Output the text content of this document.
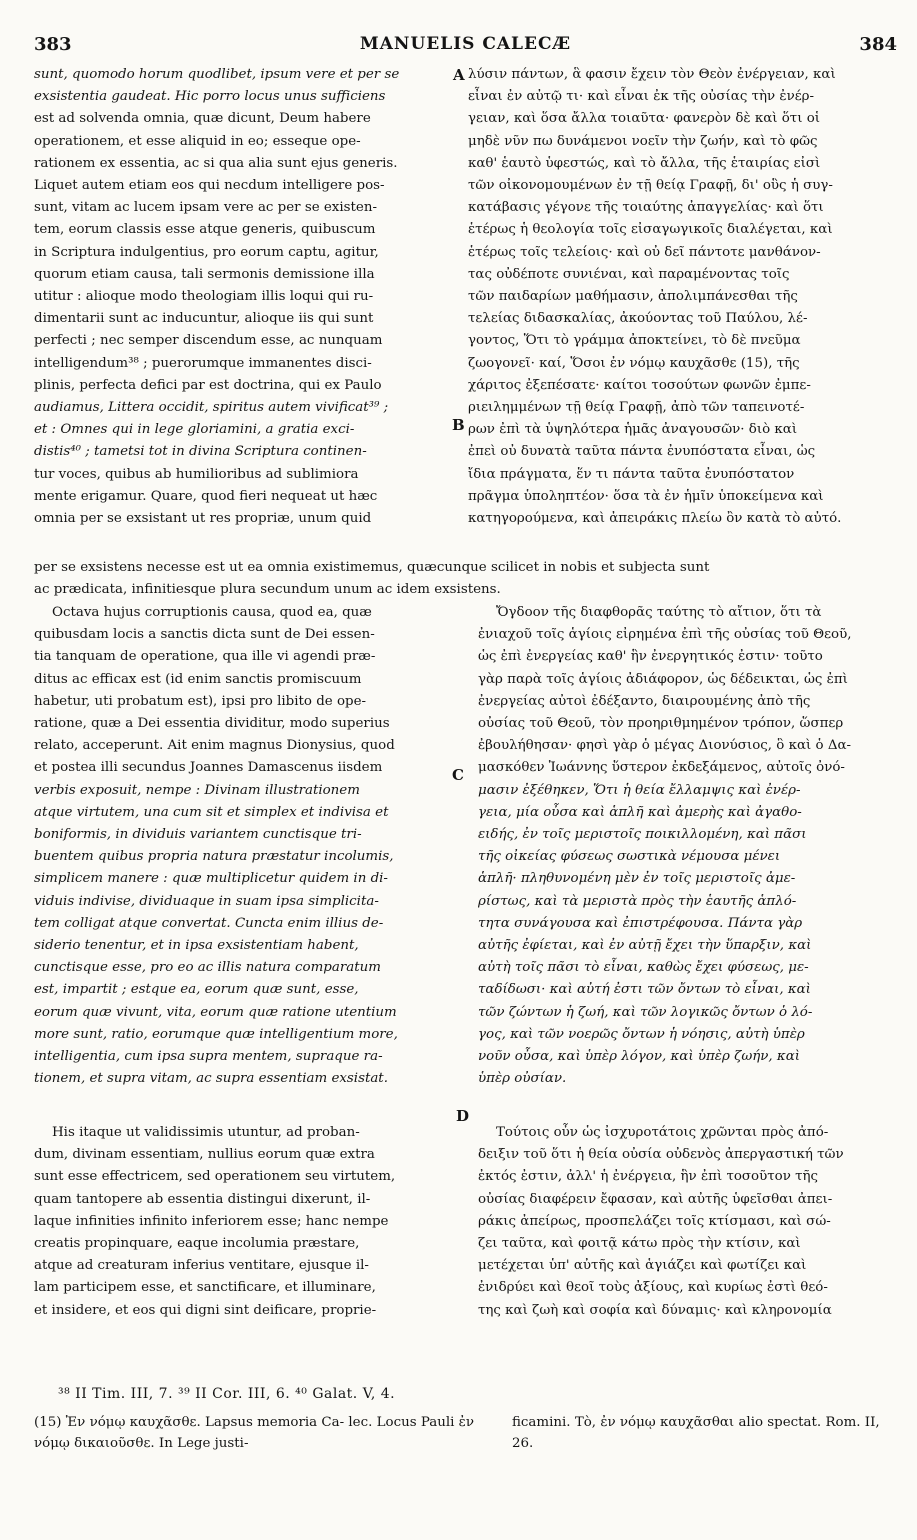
383	MANUELIS CALECÆ	384
sunt, quomodo horum quodlibet, ipsum vere et per se
exsistentia gaudeat. Hic porro locus unus sufficiens
est ad solvenda omnia, quæ dicunt, Deum habere
operationem, et esse aliquid in eo; esseque ope-
rationem ex essentia, ac si qua alia sunt ejus generis.
Liquet autem etiam eos qui necdum intelligere pos-
sunt, vitam ac lucem ipsam vere ac per se existen-
tem, eorum classis esse atque generis, quibuscum
in Scriptura indulgentius, pro eorum captu, agitur,
quorum etiam causa, tali sermonis demissione illa
utitur : alioque modo theologiam illis loqui qui ru-
dimentarii sunt ac inducuntur, alioque iis qui sunt
perfecti ; nec semper discendum esse, ac nunquam
intelligendum³⁸ ; puerorumque immanentes disci-
plinis, perfecta defici par est doctrina, qui ex Paulo
audiamus, Littera occidit, spiritus autem vivificat³⁹ ;
et : Omnes qui in lege gloriamini, a gratia exci-
distis⁴⁰ ; tametsi tot in divina Scriptura continen-
tur voces, quibus ab humilioribus ad sublimiora
mente erigamur. Quare, quod fieri nequeat ut hæc
omnia per se exsistant ut res propriæ, unum quid
λύσιν πάντων, ἃ φασιν ἔχειν τὸν Θεὸν ἐνέργειαν, καὶ
εἶναι ἐν αὐτῷ τι· καὶ εἶναι ἐκ τῆς οὐσίας τὴν ἐνέρ-
γειαν, καὶ ὅσα ἄλλα τοιαῦτα· φανερὸν δὲ καὶ ὅτι οἱ
μηδὲ νῦν πω δυνάμενοι νοεῖν τὴν ζωήν, καὶ τὸ φῶς
καθ' ἑαυτὸ ὑφεστώς, καὶ τὸ ἄλλα, τῆς ἑταιρίας εἰσὶ
τῶν οἰκονομουμένων ἐν τῇ θείᾳ Γραφῇ, δι' οὓς ἡ συγ-
κατάβασις γέγονε τῆς τοιαύτης ἀπαγγελίας· καὶ ὅτι
ἑτέρως ἡ θεολογία τοῖς εἰσαγωγικοῖς διαλέγεται, καὶ
ἑτέρως τοῖς τελείοις· καὶ οὐ δεῖ πάντοτε μανθάνον-
τας οὐδέποτε συνιέναι, καὶ παραμένοντας τοῖς
τῶν παιδαρίων μαθήμασιν, ἀπολιμπάνεσθαι τῆς
τελείας διδασκαλίας, ἀκούοντας τοῦ Παύλου, λέ-
γοντος, Ὅτι τὸ γράμμα ἀποκτείνει, τὸ δὲ πνεῦμα
ζωογονεῖ· καί, Ὅσοι ἐν νόμῳ καυχᾶσθε (15), τῆς
χάριτος ἐξεπέσατε· καίτοι τοσούτων φωνῶν ἐμπε-
ριειλημμένων τῇ θείᾳ Γραφῇ, ἀπὸ τῶν ταπεινοτέ-
ρων ἐπὶ τὰ ὑψηλότερα ἡμᾶς ἀναγουσῶν· διὸ καὶ
ἐπεὶ οὐ δυνατὰ ταῦτα πάντα ἐνυπόστατα εἶναι, ὡς
ἴδια πράγματα, ἕν τι πάντα ταῦτα ἐνυπόστατον
πρᾶγμα ὑποληπτέον· ὅσα τὰ ἐν ἡμῖν ὑποκείμενα καὶ
κατηγορούμενα, καὶ ἀπειράκις πλείω ὂν κατὰ τὸ αὐτό.
A
B
C
D
per se exsistens necesse est ut ea omnia existimemus, quæcunque scilicet in nobis et subjecta sunt
ac prædicata, infinitiesque plura secundum unum ac idem exsistens.
Octava hujus corruptionis causa, quod ea, quæ
quibusdam locis a sanctis dicta sunt de Dei essen-
tia tanquam de operatione, qua ille vi agendi præ-
ditus ac efficax est (id enim sanctis promiscuum
habetur, uti probatum est), ipsi pro libito de ope-
ratione, quæ a Dei essentia dividitur, modo superius
relato, acceperunt. Ait enim magnus Dionysius, quod
et postea illi secundus Joannes Damascenus iisdem
verbis exposuit, nempe : Divinam illustrationem
atque virtutem, una cum sit et simplex et indivisa et
boniformis, in dividuis variantem cunctisque tri-
buentem quibus propria natura præstatur incolumis,
simplicem manere : quæ multiplicetur quidem in di-
viduis indivise, dividuaque in suam ipsa simplicita-
tem colligat atque convertat. Cuncta enim illius de-
siderio tenentur, et in ipsa exsistentiam habent,
cunctisque esse, pro eo ac illis natura comparatum
est, impartit ; estque ea, eorum quæ sunt, esse,
eorum quæ vivunt, vita, eorum quæ ratione utentium
more sunt, ratio, eorumque quæ intelligentium more,
intelligentia, cum ipsa supra mentem, supraque ra-
tionem, et supra vitam, ac supra essentiam exsistat.
Ὄγδοον τῆς διαφθορᾶς ταύτης τὸ αἴτιον, ὅτι τὰ
ἐνιαχοῦ τοῖς ἁγίοις εἰρημένα ἐπὶ τῆς οὐσίας τοῦ Θεοῦ,
ὡς ἐπὶ ἐνεργείας καθ' ἣν ἐνεργητικός ἐστιν· τοῦτο
γὰρ παρὰ τοῖς ἁγίοις ἀδιάφορον, ὡς δέδεικται, ὡς ἐπὶ
ἐνεργείας αὐτοὶ ἐδέξαντο, διαιρουμένης ἀπὸ τῆς
οὐσίας τοῦ Θεοῦ, τὸν προηριθμημένον τρόπον, ὥσπερ
ἐβουλήθησαν· φησὶ γὰρ ὁ μέγας Διονύσιος, ὃ καὶ ὁ Δα-
μασκόθεν Ἰωάννης ὕστερον ἐκδεξάμενος, αὐτοῖς ὀνό-
μασιν ἐξέθηκεν, Ὅτι ἡ θεία ἔλλαμψις καὶ ἐνέρ-
γεια, μία οὖσα καὶ ἁπλῆ καὶ ἀμερὴς καὶ ἀγαθο-
ειδής, ἐν τοῖς μεριστοῖς ποικιλλομένη, καὶ πᾶσι
τῆς οἰκείας φύσεως σωστικὰ νέμουσα μένει
ἁπλῆ· πληθυνομένη μὲν ἐν τοῖς μεριστοῖς ἀμε-
ρίστως, καὶ τὰ μεριστὰ πρὸς τὴν ἑαυτῆς ἁπλό-
τητα συνάγουσα καὶ ἐπιστρέφουσα. Πάντα γὰρ
αὐτῆς ἐφίεται, καὶ ἐν αὐτῇ ἔχει τὴν ὕπαρξιν, καὶ
αὐτὴ τοῖς πᾶσι τὸ εἶναι, καθὼς ἔχει φύσεως, με-
ταδίδωσι· καὶ αὐτή ἐστι τῶν ὄντων τὸ εἶναι, καὶ
τῶν ζώντων ἡ ζωή, καὶ τῶν λογικῶς ὄντων ὁ λό-
γος, καὶ τῶν νοερῶς ὄντων ἡ νόησις, αὐτὴ ὑπὲρ
νοῦν οὖσα, καὶ ὑπὲρ λόγον, καὶ ὑπὲρ ζωήν, καὶ
ὑπὲρ οὐσίαν.
His itaque ut validissimis utuntur, ad proban-
dum, divinam essentiam, nullius eorum quæ extra
sunt esse effectricem, sed operationem seu virtutem,
quam tantopere ab essentia distingui dixerunt, il-
laque infinities infinito inferiorem esse; hanc nempe
creatis propinquare, eaque incolumia præstare,
atque ad creaturam inferius ventitare, ejusque il-
lam participem esse, et sanctificare, et illuminare,
et insidere, et eos qui digni sint deificare, proprie-
Τούτοις οὖν ὡς ἰσχυροτάτοις χρῶνται πρὸς ἀπό-
δειξιν τοῦ ὅτι ἡ θεία οὐσία οὐδενὸς ἀπεργαστική τῶν
ἐκτός ἐστιν, ἀλλ' ἡ ἐνέργεια, ἣν ἐπὶ τοσοῦτον τῆς
οὐσίας διαφέρειν ἔφασαν, καὶ αὐτῆς ὑφεῖσθαι ἀπει-
ράκις ἀπείρως, προσπελάζει τοῖς κτίσμασι, καὶ σώ-
ζει ταῦτα, καὶ φοιτᾷ κάτω πρὸς τὴν κτίσιν, καὶ
μετέχεται ὑπ' αὐτῆς καὶ ἁγιάζει καὶ φωτίζει καὶ
ἐνιδρύει καὶ θεοῖ τοὺς ἀξίους, καὶ κυρίως ἐστὶ θεό-
της καὶ ζωὴ καὶ σοφία καὶ δύναμις· καὶ κληρονομία
³⁸ II Tim. III, 7. ³⁹ II Cor. III, 6. ⁴⁰ Galat. V, 4.
(15) Ἐν νόμῳ καυχᾶσθε. Lapsus memoria Ca- lec. Locus Pauli ἐν νόμῳ δικαιοῦσθε. In Lege justi-
ficamini. Τὸ, ἐν νόμῳ καυχᾶσθαι alio spectat. Rom. II, 26.
